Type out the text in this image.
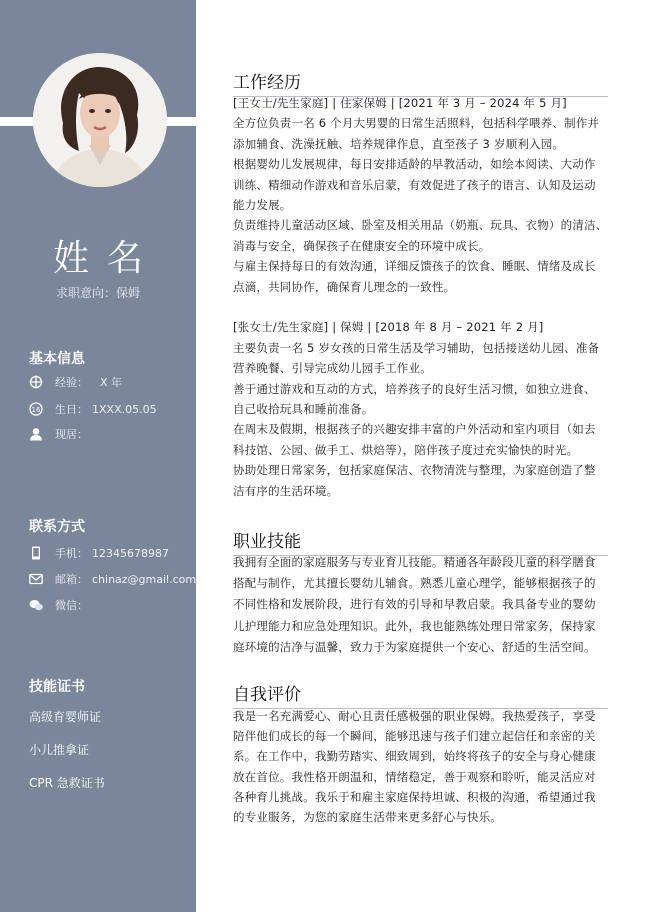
姓名
求职意向：保姆
基本信息
经验： X 年
16 生日： 1XXX.05.05
现居：
联系方式
手机： 12345678987
邮箱： chinaz@gmail.com
微信：
技能证书
高级育婴师证
小儿推拿证
CPR 急救证书
工作经历
[王女士/先生家庭] | 住家保姆 | [2021 年 3 月 – 2024 年 5 月]
全方位负责一名 6 个月大男婴的日常生活照料，包括科学喂养、制作并
添加辅食、洗澡抚触、培养规律作息，直至孩子 3 岁顺利入园。
根据婴幼儿发展规律，每日安排适龄的早教活动，如绘本阅读、大动作
训练、精细动作游戏和音乐启蒙，有效促进了孩子的语言、认知及运动
能力发展。
负责维持儿童活动区域、卧室及相关用品（奶瓶、玩具、衣物）的清洁、
消毒与安全，确保孩子在健康安全的环境中成长。
与雇主保持每日的有效沟通，详细反馈孩子的饮食、睡眠、情绪及成长
点滴，共同协作，确保育儿理念的一致性。
[张女士/先生家庭] | 保姆 | [2018 年 8 月 – 2021 年 2 月]
主要负责一名 5 岁女孩的日常生活及学习辅助，包括接送幼儿园、准备
营养晚餐、引导完成幼儿园手工作业。
善于通过游戏和互动的方式，培养孩子的良好生活习惯，如独立进食、
自己收拾玩具和睡前准备。
在周末及假期，根据孩子的兴趣安排丰富的户外活动和室内项目（如去
科技馆、公园、做手工、烘焙等），陪伴孩子度过充实愉快的时光。
协助处理日常家务，包括家庭保洁、衣物清洗与整理，为家庭创造了整
洁有序的生活环境。
职业技能
我拥有全面的家庭服务与专业育儿技能。精通各年龄段儿童的科学膳食
搭配与制作，尤其擅长婴幼儿辅食。熟悉儿童心理学，能够根据孩子的
不同性格和发展阶段，进行有效的引导和早教启蒙。我具备专业的婴幼
儿护理能力和应急处理知识。此外，我也能熟练处理日常家务，保持家
庭环境的洁净与温馨，致力于为家庭提供一个安心、舒适的生活空间。
自我评价
我是一名充满爱心、耐心且责任感极强的职业保姆。我热爱孩子，享受
陪伴他们成长的每一个瞬间，能够迅速与孩子们建立起信任和亲密的关
系。在工作中，我勤劳踏实、细致周到，始终将孩子的安全与身心健康
放在首位。我性格开朗温和，情绪稳定，善于观察和聆听，能灵活应对
各种育儿挑战。我乐于和雇主家庭保持坦诚、积极的沟通，希望通过我
的专业服务，为您的家庭生活带来更多舒心与快乐。
